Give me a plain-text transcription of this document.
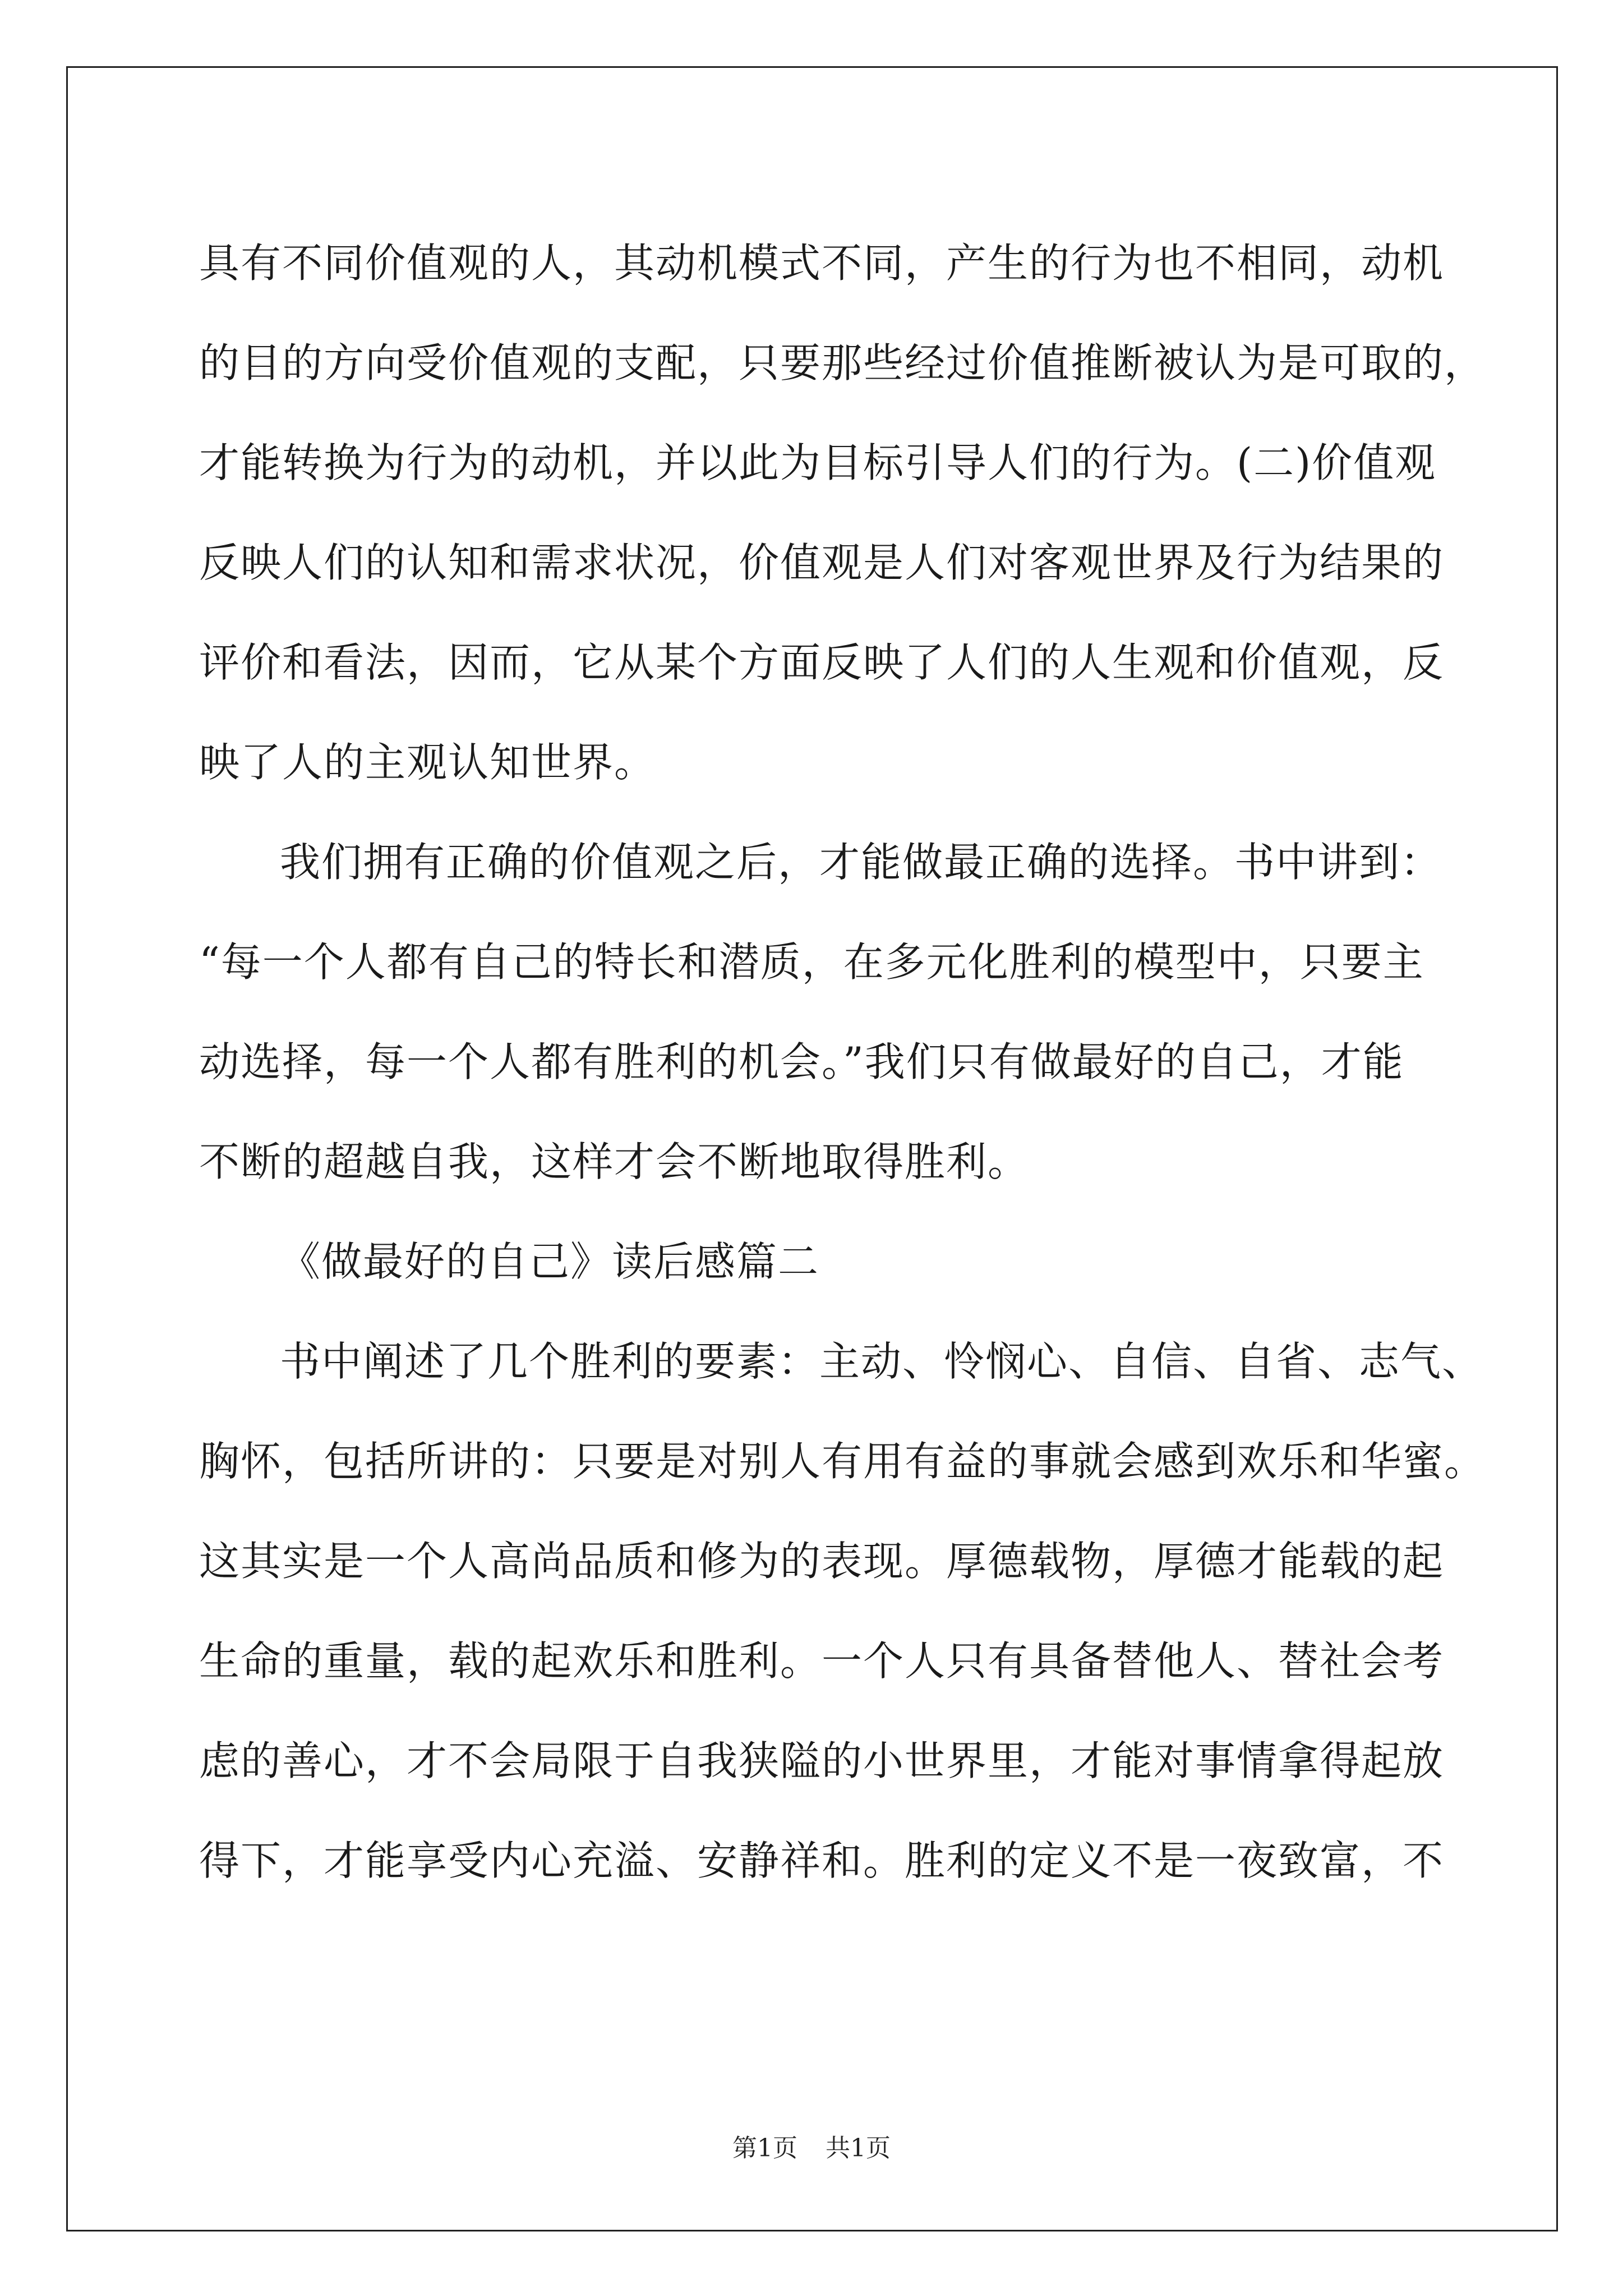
具有不同价值观的人，其动机模式不同，产生的行为也不相同，动机
的目的方向受价值观的支配，只要那些经过价值推断被认为是可取的，
才能转换为行为的动机，并以此为目标引导人们的行为。(二)价值观
反映人们的认知和需求状况，价值观是人们对客观世界及行为结果的
评价和看法，因而，它从某个方面反映了人们的人生观和价值观，反
映了人的主观认知世界。
我们拥有正确的价值观之后，才能做最正确的选择。书中讲到：
“每一个人都有自己的特长和潜质，在多元化胜利的模型中，只要主
动选择，每一个人都有胜利的机会。”我们只有做最好的自己，才能
不断的超越自我，这样才会不断地取得胜利。
《做最好的自己》读后感篇二
书中阐述了几个胜利的要素：主动、怜悯心、自信、自省、志气、
胸怀，包括所讲的：只要是对别人有用有益的事就会感到欢乐和华蜜。
这其实是一个人高尚品质和修为的表现。厚德载物，厚德才能载的起
生命的重量，载的起欢乐和胜利。一个人只有具备替他人、替社会考
虑的善心，才不会局限于自我狭隘的小世界里，才能对事情拿得起放
得下，才能享受内心充溢、安静祥和。胜利的定义不是一夜致富，不
第1页 共1页
